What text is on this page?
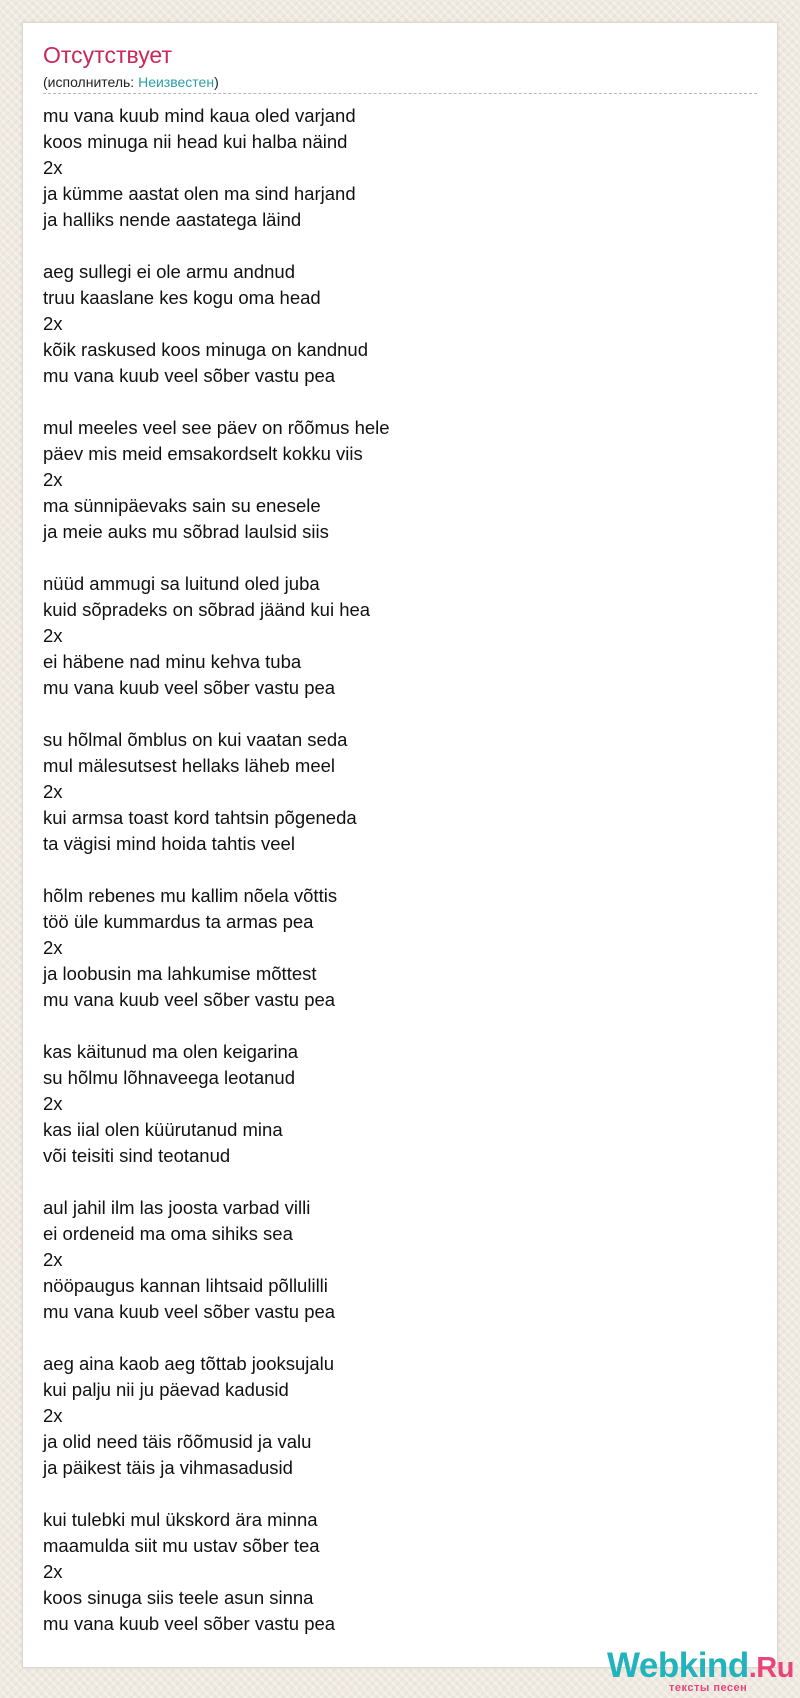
Отсутствует
(исполнитель: Неизвестен)
mu vana kuub mind kaua oled varjand
koos minuga nii head kui halba näind
2x
ja kümme aastat olen ma sind harjand
ja halliks nende aastatega läind
aeg sullegi ei ole armu andnud
truu kaaslane kes kogu oma head
2x
kõik raskused koos minuga on kandnud
mu vana kuub veel sõber vastu pea
mul meeles veel see päev on rõõmus hele
päev mis meid emsakordselt kokku viis
2x
ma sünnipäevaks sain su enesele
ja meie auks mu sõbrad laulsid siis
nüüd ammugi sa luitund oled juba
kuid sõpradeks on sõbrad jäänd kui hea
2x
ei häbene nad minu kehva tuba
mu vana kuub veel sõber vastu pea
su hõlmal õmblus on kui vaatan seda
mul mälesutsest hellaks läheb meel
2x
kui armsa toast kord tahtsin põgeneda
ta vägisi mind hoida tahtis veel
hõlm rebenes mu kallim nõela võttis
töö üle kummardus ta armas pea
2x
ja loobusin ma lahkumise mõttest
mu vana kuub veel sõber vastu pea
kas käitunud ma olen keigarina
su hõlmu lõhnaveega leotanud
2x
kas iial olen küürutanud mina
või teisiti sind teotanud
aul jahil ilm las joosta varbad villi
ei ordeneid ma oma sihiks sea
2x
nööpaugus kannan lihtsaid põllulilli
mu vana kuub veel sõber vastu pea
aeg aina kaob aeg tõttab jooksujalu
kui palju nii ju päevad kadusid
2x
ja olid need täis rõõmusid ja valu
ja päikest täis ja vihmasadusid
kui tulebki mul ükskord ära minna
maamulda siit mu ustav sõber tea
2x
koos sinuga siis teele asun sinna
mu vana kuub veel sõber vastu pea
Webkind.Ru
тексты песен
